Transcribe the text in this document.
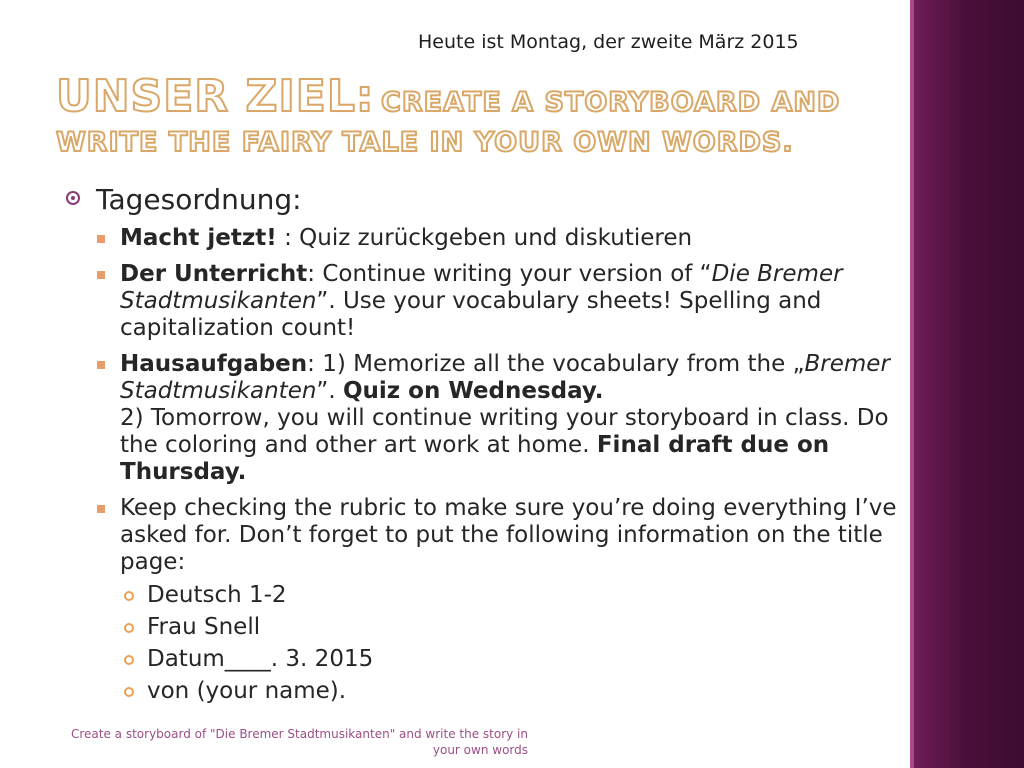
Heute ist Montag, der zweite März 2015
UNSER ZIEL: CREATE A STORYBOARD AND
WRITE THE FAIRY TALE IN YOUR OWN WORDS.
Tagesordnung:
Macht jetzt! : Quiz zurückgeben und diskutieren
Der Unterricht: Continue writing your version of “Die Bremer Stadtmusikanten”. Use your vocabulary sheets! Spelling and capitalization count!
Hausaufgaben: 1) Memorize all the vocabulary from the „Bremer Stadtmusikanten”. Quiz on Wednesday.
2) Tomorrow, you will continue writing your storyboard in class. Do the coloring and other art work at home. Final draft due on Thursday.
Keep checking the rubric to make sure you’re doing everything I’ve asked for. Don’t forget to put the following information on the title page:
Deutsch 1-2
Frau Snell
Datum____. 3. 2015
von (your name).
Create a storyboard of "Die Bremer Stadtmusikanten" and write the story in your own words
